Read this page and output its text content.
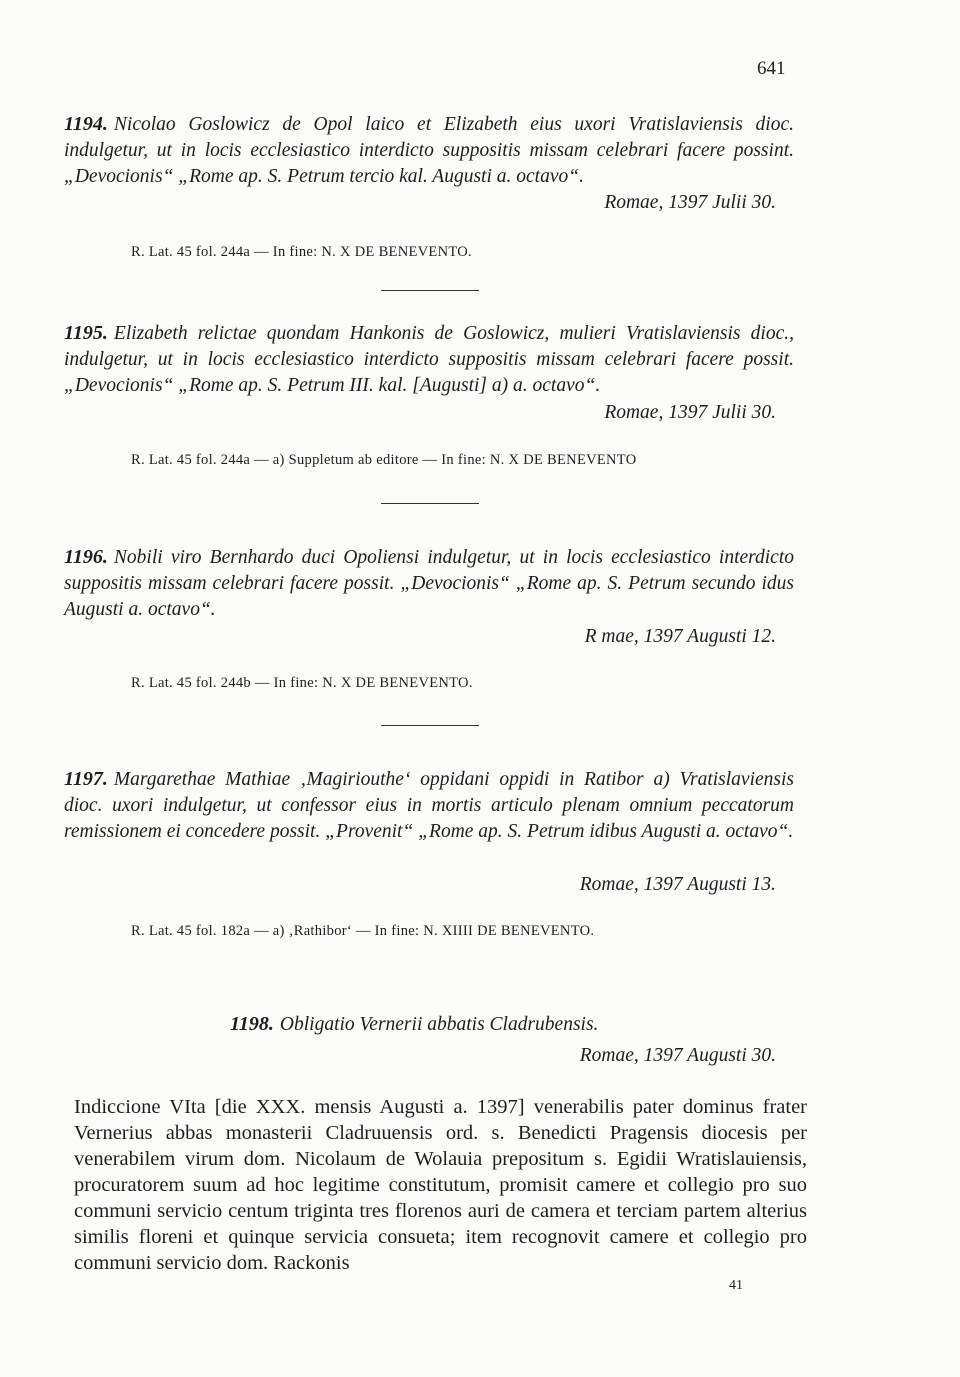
641
1194. Nicolao Goslowicz de Opol laico et Elizabeth eius uxori Vratislaviensis dioc. indulgetur, ut in locis ecclesiastico interdicto suppositis missam celebrari facere possint. „Devocionis“ „Rome ap. S. Petrum tercio kal. Augusti a. octavo“.
Romae, 1397 Julii 30.
R. Lat. 45 fol. 244a — In fine: N. X DE BENEVENTO.
1195. Elizabeth relictae quondam Hankonis de Goslowicz, mulieri Vratislaviensis dioc., indulgetur, ut in locis ecclesiastico interdicto suppositis missam celebrari facere possit. „Devocionis“ „Rome ap. S. Petrum III. kal. [Augusti] a) a. octavo“.
Romae, 1397 Julii 30.
R. Lat. 45 fol. 244a — a) Suppletum ab editore — In fine: N. X DE BENEVENTO
1196. Nobili viro Bernhardo duci Opoliensi indulgetur, ut in locis ecclesiastico interdicto suppositis missam celebrari facere possit. „Devocionis“ „Rome ap. S. Petrum secundo idus Augusti a. octavo“.
R mae, 1397 Augusti 12.
R. Lat. 45 fol. 244b — In fine: N. X DE BENEVENTO.
1197. Margarethae Mathiae ‚Magiriouthe‘ oppidani oppidi in Ratibor a) Vratislaviensis dioc. uxori indulgetur, ut confessor eius in mortis articulo plenam omnium peccatorum remissionem ei concedere possit. „Provenit“ „Rome ap. S. Petrum idibus Augusti a. octavo“.
Romae, 1397 Augusti 13.
R. Lat. 45 fol. 182a — a) ‚Rathibor‘ — In fine: N. XIIII DE BENEVENTO.
1198. Obligatio Vernerii abbatis Cladrubensis.
Romae, 1397 Augusti 30.
Indiccione VIta [die XXX. mensis Augusti a. 1397] venerabilis pater dominus frater Vernerius abbas monasterii Cladruuensis ord. s. Benedicti Pragensis diocesis per venerabilem virum dom. Nicolaum de Wolauia prepositum s. Egidii Wratislauiensis, procuratorem suum ad hoc legitime constitutum, promisit camere et collegio pro suo communi servicio centum triginta tres florenos auri de camera et terciam partem alterius similis floreni et quinque servicia consueta; item recognovit camere et collegio pro communi servicio dom. Rackonis
41
